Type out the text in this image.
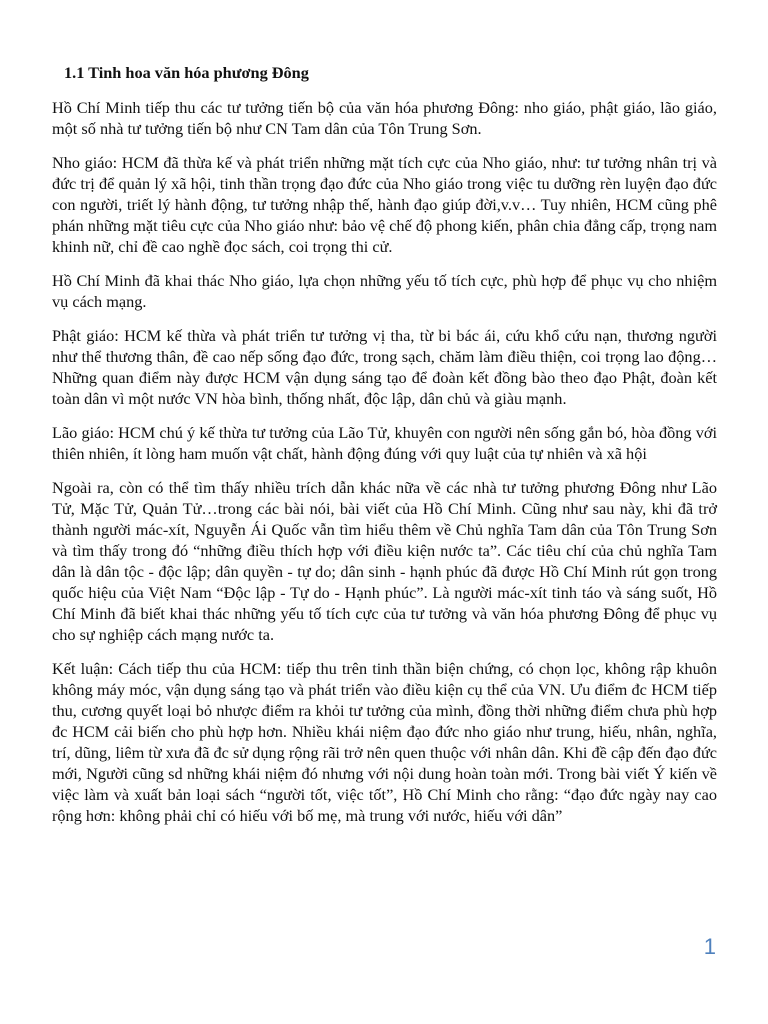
1.1 Tinh hoa văn hóa phương Đông

Hồ Chí Minh tiếp thu các tư tưởng tiến bộ của văn hóa phương Đông: nho giáo, phật giáo, lão giáo, một số nhà tư tưởng tiến bộ như CN Tam dân của Tôn Trung Sơn.

Nho giáo: HCM đã thừa kế và phát triển những mặt tích cực của Nho giáo, như: tư tưởng nhân trị và đức trị để quản lý xã hội, tinh thần trọng đạo đức của Nho giáo trong việc tu dưỡng rèn luyện đạo đức con người, triết lý hành động, tư tưởng nhập thế, hành đạo giúp đời,v.v… Tuy nhiên, HCM cũng phê phán những mặt tiêu cực của Nho giáo như: bảo vệ chế độ phong kiến, phân chia đẳng cấp, trọng nam khinh nữ, chỉ đề cao nghề đọc sách, coi trọng thi cử.

Hồ Chí Minh đã khai thác Nho giáo, lựa chọn những yếu tố tích cực, phù hợp để phục vụ cho nhiệm vụ cách mạng.

Phật giáo: HCM kế thừa và phát triển tư tưởng vị tha, từ bi bác ái, cứu khổ cứu nạn, thương người như thể thương thân, đề cao nếp sống đạo đức, trong sạch, chăm làm điều thiện, coi trọng lao động… Những quan điểm này được HCM vận dụng sáng tạo để đoàn kết đồng bào theo đạo Phật, đoàn kết toàn dân vì một nước VN hòa bình, thống nhất, độc lập, dân chủ và giàu mạnh.

Lão giáo: HCM chú ý kế thừa tư tưởng của Lão Tử, khuyên con người nên sống gắn bó, hòa đồng với thiên nhiên, ít lòng ham muốn vật chất, hành động đúng với quy luật của tự nhiên và xã hội

Ngoài ra, còn có thể tìm thấy nhiều trích dẫn khác nữa về các nhà tư tưởng phương Đông như Lão Tử, Mặc Tử, Quản Tử…trong các bài nói, bài viết của Hồ Chí Minh. Cũng như sau này, khi đã trở thành người mác-xít, Nguyễn Ái Quốc vẫn tìm hiểu thêm về Chủ nghĩa Tam dân của Tôn Trung Sơn và tìm thấy trong đó “những điều thích hợp với điều kiện nước ta”. Các tiêu chí của chủ nghĩa Tam dân là dân tộc - độc lập; dân quyền - tự do; dân sinh - hạnh phúc đã được Hồ Chí Minh rút gọn trong quốc hiệu của Việt Nam “Độc lập - Tự do - Hạnh phúc”. Là người mác-xít tinh táo và sáng suốt, Hồ Chí Minh đã biết khai thác những yếu tố tích cực của tư tưởng và văn hóa phương Đông để phục vụ cho sự nghiệp cách mạng nước ta.

Kết luận: Cách tiếp thu của HCM: tiếp thu trên tinh thần biện chứng, có chọn lọc, không rập khuôn không máy móc, vận dụng sáng tạo và phát triển vào điều kiện cụ thể của VN. Ưu điểm đc HCM tiếp thu, cương quyết loại bỏ nhược điểm ra khỏi tư tưởng của mình, đồng thời những điểm chưa phù hợp đc HCM cải biến cho phù hợp hơn. Nhiều khái niệm đạo đức nho giáo như trung, hiếu, nhân, nghĩa, trí, dũng, liêm từ xưa đã đc sử dụng rộng rãi trở nên quen thuộc với nhân dân. Khi đề cập đến đạo đức mới, Người cũng sd những khái niệm đó nhưng với nội dung hoàn toàn mới. Trong bài viết Ý kiến về việc làm và xuất bản loại sách “người tốt, việc tốt”, Hồ Chí Minh cho rằng: “đạo đức ngày nay cao rộng hơn: không phải chỉ có hiếu với bố mẹ, mà trung với nước, hiếu với dân”

1
